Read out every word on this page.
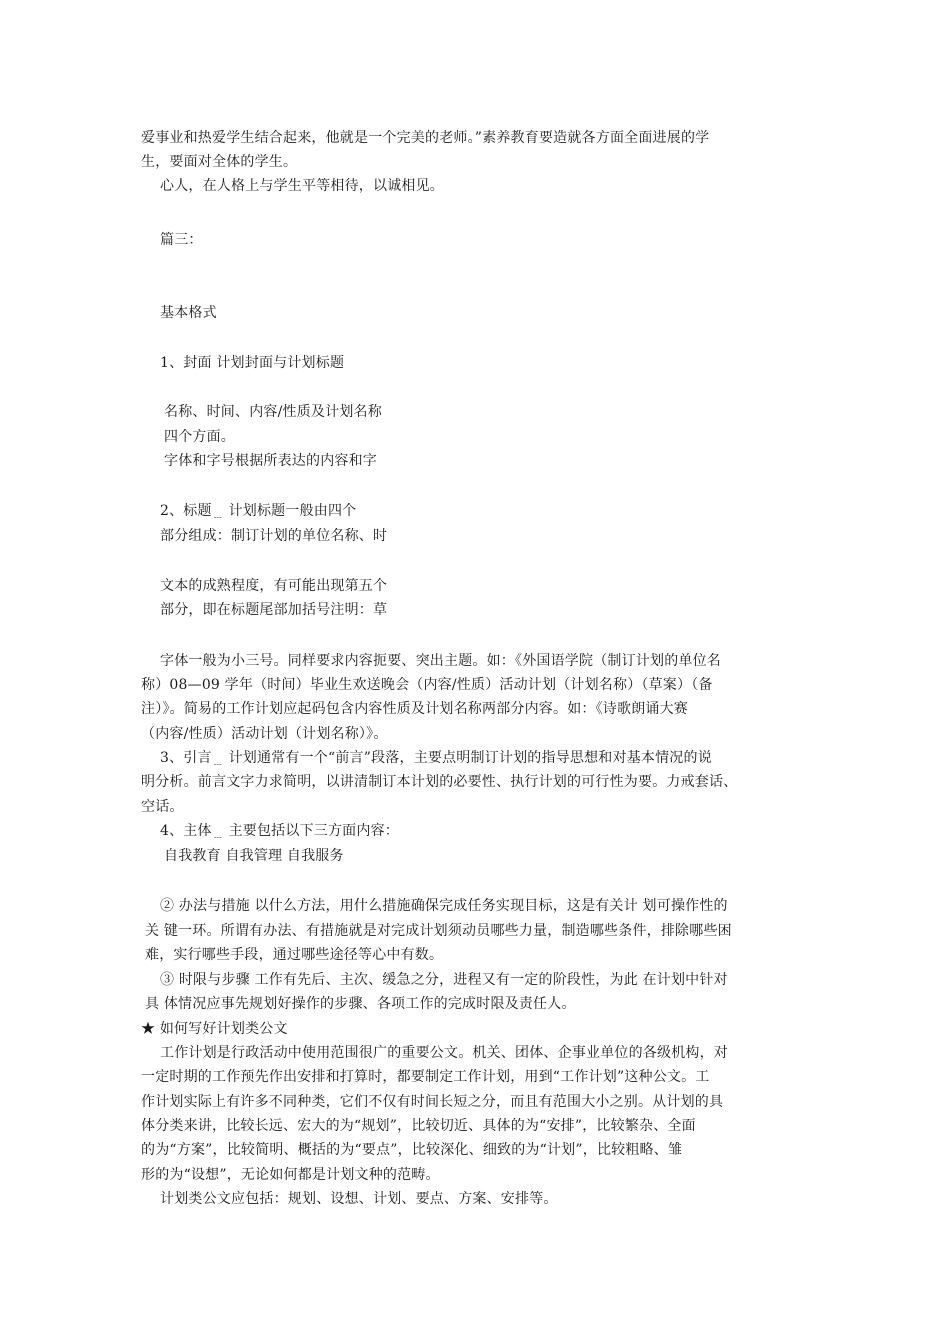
爱事业和热爱学生结合起来，他就是一个完美的老师。”素养教育要造就各方面全面进展的学
生，要面对全体的学生。
心人，在人格上与学生平等相待，以诚相见。
篇三：
基本格式
1、封面 计划封面与计划标题
名称、时间、内容/性质及计划名称
四个方面。
字体和字号根据所表达的内容和字
2、标题﹍ 计划标题一般由四个
部分组成：制订计划的单位名称、时
文本的成熟程度，有可能出现第五个
部分，即在标题尾部加括号注明：草
字体一般为小三号。同样要求内容扼要、突出主题。如：《外国语学院（制订计划的单位名
称）08—09 学年（时间）毕业生欢送晚会（内容/性质）活动计划（计划名称）（草案）（备
注）》。简易的工作计划应起码包含内容性质及计划名称两部分内容。如：《诗歌朗诵大赛
（内容/性质）活动计划（计划名称）》。
3、引言﹍ 计划通常有一个“前言”段落，主要点明制订计划的指导思想和对基本情况的说
明分析。前言文字力求简明，以讲清制订本计划的必要性、执行计划的可行性为要。力戒套话、
空话。
4、主体﹍ 主要包括以下三方面内容：
自我教育 自我管理 自我服务
② 办法与措施 以什么方法，用什么措施确保完成任务实现目标，这是有关计 划可操作性的
关 键一环。所谓有办法、有措施就是对完成计划须动员哪些力量，制造哪些条件，排除哪些困
难，实行哪些手段，通过哪些途径等心中有数。
③ 时限与步骤 工作有先后、主次、缓急之分，进程又有一定的阶段性，为此 在计划中针对
具 体情况应事先规划好操作的步骤、各项工作的完成时限及责任人。
★ 如何写好计划类公文
工作计划是行政活动中使用范围很广的重要公文。机关、团体、企事业单位的各级机构，对
一定时期的工作预先作出安排和打算时，都要制定工作计划，用到“工作计划”这种公文。工
作计划实际上有许多不同种类，它们不仅有时间长短之分，而且有范围大小之别。从计划的具
体分类来讲，比较长远、宏大的为“规划”，比较切近、具体的为“安排”，比较繁杂、全面
的为“方案”，比较简明、概括的为“要点”，比较深化、细致的为“计划”，比较粗略、雏
形的为“设想”，无论如何都是计划文种的范畴。
计划类公文应包括：规划、设想、计划、要点、方案、安排等。
